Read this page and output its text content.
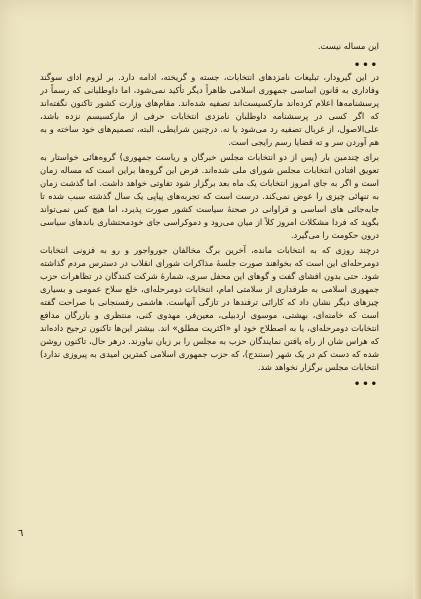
این مساله نیست.

•••

در این گیرودار، تبلیغات نامزدهای انتخابات، جسته و گریخته، ادامه دارد. بر لزوم ادای سوگند وفاداری به قانون اساسی جمهوری اسلامی ظاهراً دیگر تأکید نمی‌شود، اما داوطلبانی که رسماً در پرسشنامه‌ها اعلام کرده‌اند مارکسیست‌اند تصفیه شده‌اند. مقام‌های وزارت کشور تاکنون نگفته‌اند که اگر کسی در پرسشنامه داوطلبان نامزدی انتخابات حرفی از مارکسیسم نزده باشد، علی‌الاصول، از غربال تصفیه رد می‌شود یا نه. درچنین شرایطی، البته، تصمیم‌های خود ساخته و به هم آوردن سر و ته قضایا رسم رایجی است.

برای چندمین بار (پس از دو انتخابات مجلس خبرگان و ریاست جمهوری) گروه‌هائی خواستار به تعویق افتادن انتخابات مجلس شورای ملی شده‌اند. فرض این گروه‌ها براین است که مساله زمان است و اگر به جای امروز انتخابات یک ماه بعد برگزار شود تفاوتی خواهد داشت. اما گذشت زمان به تنهائی چیزی را عوض نمی‌کند. درست است که تجربه‌های پیاپی یک سال گذشته سبب شده تا جابه‌جائی های اساسی و فراوانی در صحنهٔ سیاست کشور صورت پذیرد، اما هیچ کس نمی‌تواند بگوید که فردا مشکلات امروز کلاً از میان می‌رود و دموکراسی جای خودمحتشاری باندهای سیاسی درون حکومت را می‌گیرد.

درچند روزی که به انتخابات مانده، آخرین برگ مخالفان جورواجور و رو به فزونی انتخابات دومرحله‌ای این است که بخواهند صورت جلسهٔ مذاکرات شورای انقلاب در دسترس مردم گذاشته شود. حتی بدون افشای گفت و گوهای این محفل سری، شمارهٔ شرکت کنندگان در تظاهرات حزب جمهوری اسلامی به طرفداری از سلامتی امام، انتخابات دومرحله‌ای، خلع سلاح عمومی و بسیاری چیزهای دیگر نشان داد که کارائی ترفندها در تازگی آنهاست. هاشمی رفسنجانی با صراحت گفته است که خامنه‌ای، بهشتی، موسوی اردبیلی، معین‌فر، مهدوی کنی، منتظری و بازرگان مدافع انتخابات دومرحله‌ای، یا به اصطلاح خود او «اکثریت مطلق» اند. بیشتر این‌ها تاکنون ترجیح داده‌اند که هراس شان از راه یافتن نمایندگان حزب به مجلس را بر زبان نیاورند. درهر حال، تاکنون روشن شده که دست کم در یک شهر (سنندج)، که حزب جمهوری اسلامی کمترین امیدی به پیروزی ندارد) انتخابات مجلس برگزار نخواهد شد.

•••

٦
